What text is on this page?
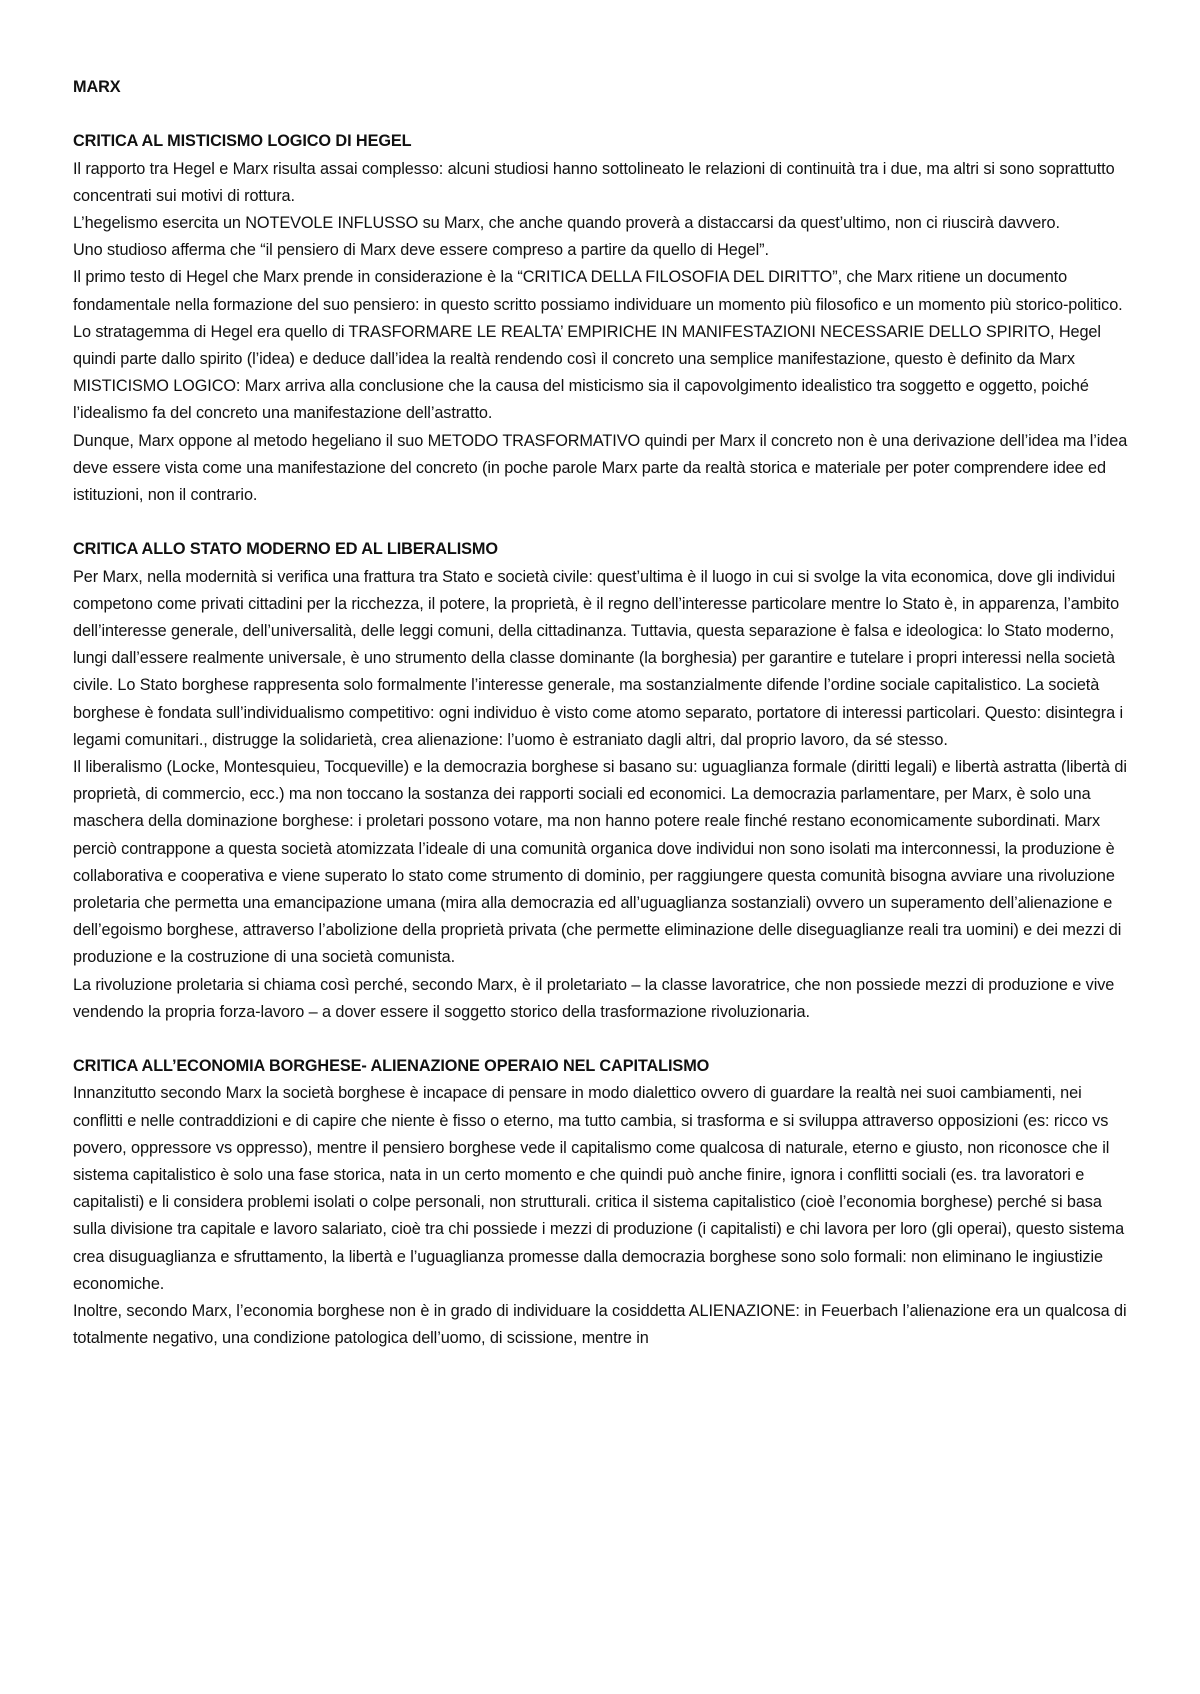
MARX

CRITICA AL MISTICISMO LOGICO DI HEGEL

Il rapporto tra Hegel e Marx risulta assai complesso: alcuni studiosi hanno sottolineato le relazioni di continuità tra i due, ma altri si sono soprattutto concentrati sui motivi di rottura.

L’hegelismo esercita un NOTEVOLE INFLUSSO su Marx, che anche quando proverà a distaccarsi da quest’ultimo, non ci riuscirà davvero.

Uno studioso afferma che “il pensiero di Marx deve essere compreso a partire da quello di Hegel”.

Il primo testo di Hegel che Marx prende in considerazione è la “CRITICA DELLA FILOSOFIA DEL DIRITTO”, che Marx ritiene un documento fondamentale nella formazione del suo pensiero: in questo scritto possiamo individuare un momento più filosofico e un momento più storico-politico.

Lo stratagemma di Hegel era quello di TRASFORMARE LE REALTA’ EMPIRICHE IN MANIFESTAZIONI NECESSARIE DELLO SPIRITO, Hegel quindi parte dallo spirito (l’idea) e deduce dall’idea la realtà rendendo così il concreto una semplice manifestazione, questo è definito da Marx MISTICISMO LOGICO: Marx arriva alla conclusione che la causa del misticismo sia il capovolgimento idealistico tra soggetto e oggetto, poiché l’idealismo fa del concreto una manifestazione dell’astratto.

Dunque, Marx oppone al metodo hegeliano il suo METODO TRASFORMATIVO quindi per Marx il concreto non è una derivazione dell’idea ma l’idea deve essere vista come una manifestazione del concreto (in poche parole Marx parte da realtà storica e materiale per poter comprendere idee ed istituzioni, non il contrario.

CRITICA ALLO STATO MODERNO ED AL LIBERALISMO

Per Marx, nella modernità si verifica una frattura tra Stato e società civile: quest’ultima è il luogo in cui si svolge la vita economica, dove gli individui competono come privati cittadini per la ricchezza, il potere, la proprietà, è il regno dell’interesse particolare mentre lo Stato è, in apparenza, l’ambito dell’interesse generale, dell’universalità, delle leggi comuni, della cittadinanza. Tuttavia, questa separazione è falsa e ideologica: lo Stato moderno, lungi dall’essere realmente universale, è uno strumento della classe dominante (la borghesia) per garantire e tutelare i propri interessi nella società civile. Lo Stato borghese rappresenta solo formalmente l’interesse generale, ma sostanzialmente difende l’ordine sociale capitalistico. La società borghese è fondata sull’individualismo competitivo: ogni individuo è visto come atomo separato, portatore di interessi particolari. Questo: disintegra i legami comunitari., distrugge la solidarietà, crea alienazione: l’uomo è estraniato dagli altri, dal proprio lavoro, da sé stesso.

Il liberalismo (Locke, Montesquieu, Tocqueville) e la democrazia borghese si basano su: uguaglianza formale (diritti legali) e libertà astratta (libertà di proprietà, di commercio, ecc.) ma non toccano la sostanza dei rapporti sociali ed economici. La democrazia parlamentare, per Marx, è solo una maschera della dominazione borghese: i proletari possono votare, ma non hanno potere reale finché restano economicamente subordinati. Marx perciò contrappone a questa società atomizzata l’ideale di una comunità organica dove individui non sono isolati ma interconnessi, la produzione è collaborativa e cooperativa e viene superato lo stato come strumento di dominio, per raggiungere questa comunità bisogna avviare una rivoluzione proletaria che permetta una emancipazione umana (mira alla democrazia ed all’uguaglianza sostanziali) ovvero un superamento dell’alienazione e dell’egoismo borghese, attraverso l’abolizione della proprietà privata (che permette eliminazione delle diseguaglianze reali tra uomini) e dei mezzi di produzione e la costruzione di una società comunista.

La rivoluzione proletaria si chiama così perché, secondo Marx, è il proletariato – la classe lavoratrice, che non possiede mezzi di produzione e vive vendendo la propria forza-lavoro – a dover essere il soggetto storico della trasformazione rivoluzionaria.

CRITICA ALL’ECONOMIA BORGHESE- ALIENAZIONE OPERAIO NEL CAPITALISMO

Innanzitutto secondo Marx la società borghese è incapace di pensare in modo dialettico ovvero di guardare la realtà nei suoi cambiamenti, nei conflitti e nelle contraddizioni e di capire che niente è fisso o eterno, ma tutto cambia, si trasforma e si sviluppa attraverso opposizioni (es: ricco vs povero, oppressore vs oppresso), mentre il pensiero borghese vede il capitalismo come qualcosa di naturale, eterno e giusto, non riconosce che il sistema capitalistico è solo una fase storica, nata in un certo momento e che quindi può anche finire, ignora i conflitti sociali (es. tra lavoratori e capitalisti) e li considera problemi isolati o colpe personali, non strutturali. critica il sistema capitalistico (cioè l’economia borghese) perché si basa sulla divisione tra capitale e lavoro salariato, cioè tra chi possiede i mezzi di produzione (i capitalisti) e chi lavora per loro (gli operai), questo sistema crea disuguaglianza e sfruttamento, la libertà e l’uguaglianza promesse dalla democrazia borghese sono solo formali: non eliminano le ingiustizie economiche.

Inoltre, secondo Marx, l’economia borghese non è in grado di individuare la cosiddetta ALIENAZIONE: in Feuerbach l’alienazione era un qualcosa di totalmente negativo, una condizione patologica dell’uomo, di scissione, mentre in
